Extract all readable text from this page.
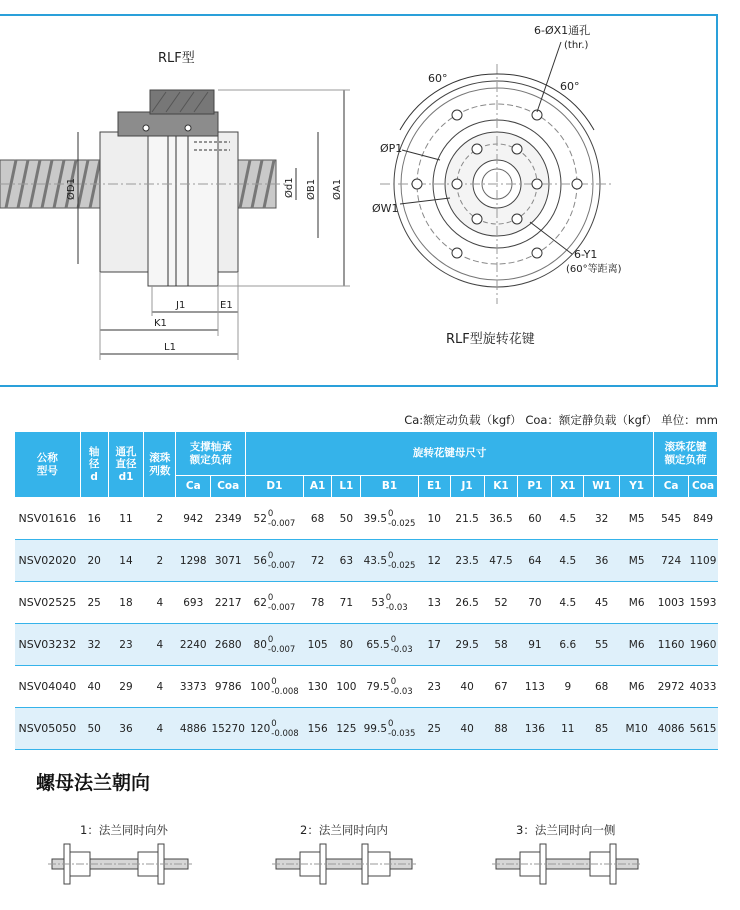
RLF型
ØD1	Ød1 ØB1 ØA1
J1	E1
K1
L1
6-ØX1通孔
(thr.)
60°
60°
ØP1
ØW1
6-Y1
(60°等距离)
RLF型旋转花键
Ca:额定动负载（kgf） Coa：额定静负载（kgf） 单位：mm
公称
型号	轴
径
d	通孔
直径
d1	滚珠
列数	支撑轴承
额定负荷		旋转花键母尺寸											滚珠花键
额定负荷	
				Ca	Coa	D1	A1	L1	B1	E1	J1	K1	P1	X1	W1	Y1	Ca	Coa
NSV01616	16	11	2	942	2349	52 0
-0.007	68	50	39.5 0
-0.025	10	21.5	36.5	60	4.5	32	M5	545	849
NSV02020	20	14	2	1298	3071	56 0
-0.007	72	63	43.5 0
-0.025	12	23.5	47.5	64	4.5	36	M5	724	1109
NSV02525	25	18	4	693	2217	62 0
-0.007	78	71	53 0
-0.03	13	26.5	52	70	4.5	45	M6	1003	1593
NSV03232	32	23	4	2240	2680	80 0
-0.007	105	80	65.5 0
-0.03	17	29.5	58	91	6.6	55	M6	1160	1960
NSV04040	40	29	4	3373	9786	100 0
-0.008	130	100	79.5 0
-0.03	23	40	67	113	9	68	M6	2972	4033
NSV05050	50	36	4	4886	15270	120 0
-0.008	156	125	99.5 0
-0.035	25	40	88	136	11	85	M10	4086	5615
螺母法兰朝向
1：法兰同时向外	2：法兰同时向内	3：法兰同时向一侧
